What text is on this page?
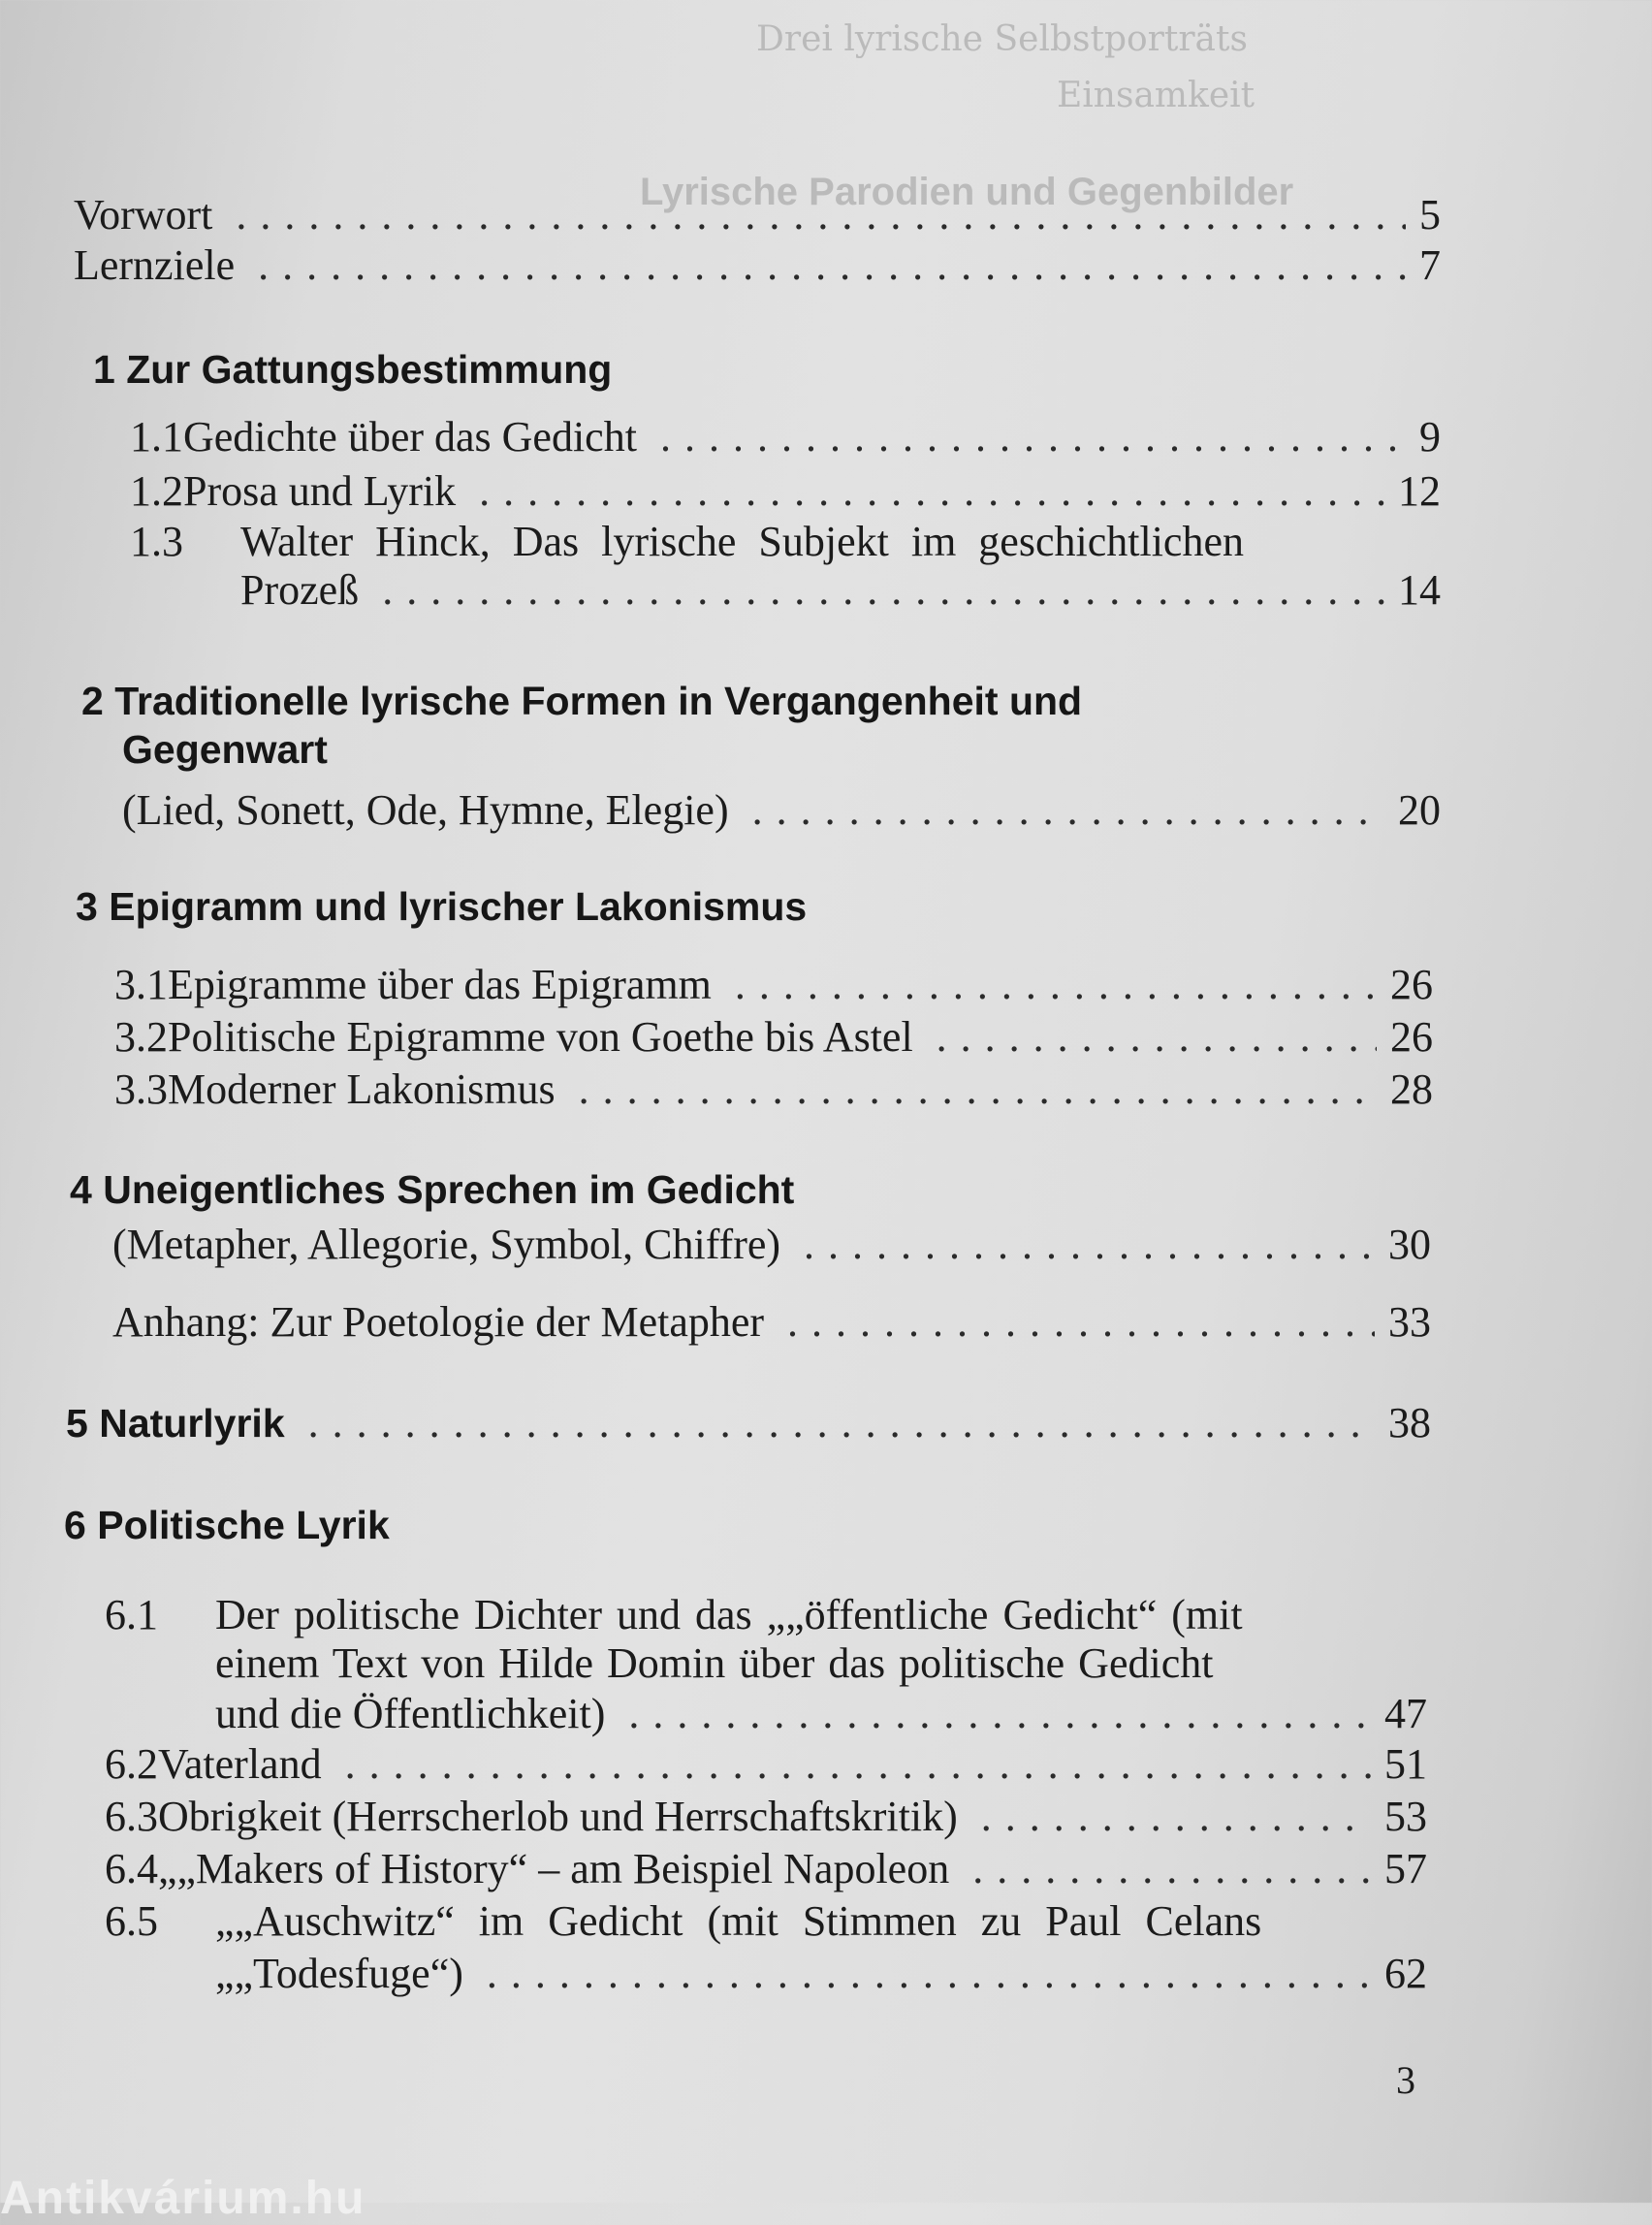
Drei lyrische Selbstporträts
Einsamkeit
Lyrische Parodien und Gegenbilder
Vorwort .....	5
Lernziele .....	7
1 Zur Gattungsbestimmung
1.1 Gedichte über das Gedicht .....	9
1.2 Prosa und Lyrik .....	12
1.3 Walter Hinck, Das lyrische Subjekt im geschichtlichen
Prozeß .....	14
2 Traditionelle lyrische Formen in Vergangenheit und
Gegenwart
(Lied, Sonett, Ode, Hymne, Elegie) .....	20
3 Epigramm und lyrischer Lakonismus
3.1 Epigramme über das Epigramm .....	26
3.2 Politische Epigramme von Goethe bis Astel .....	26
3.3 Moderner Lakonismus .....	28
4 Uneigentliches Sprechen im Gedicht
(Metapher, Allegorie, Symbol, Chiffre) .....	30
Anhang: Zur Poetologie der Metapher .....	33
5 Naturlyrik .....	38
6 Politische Lyrik
6.1 Der politische Dichter und das „„öffentliche Gedicht“ (mit
einem Text von Hilde Domin über das politische Gedicht
und die Öffentlichkeit) .....	47
6.2 Vaterland .....	51
6.3 Obrigkeit (Herrscherlob und Herrschaftskritik) .....	53
6.4 „„Makers of History“ – am Beispiel Napoleon .....	57
6.5 „„Auschwitz“ im Gedicht (mit Stimmen zu Paul Celans
„„Todesfuge“) .....	62
3
Antikvárium.hu
